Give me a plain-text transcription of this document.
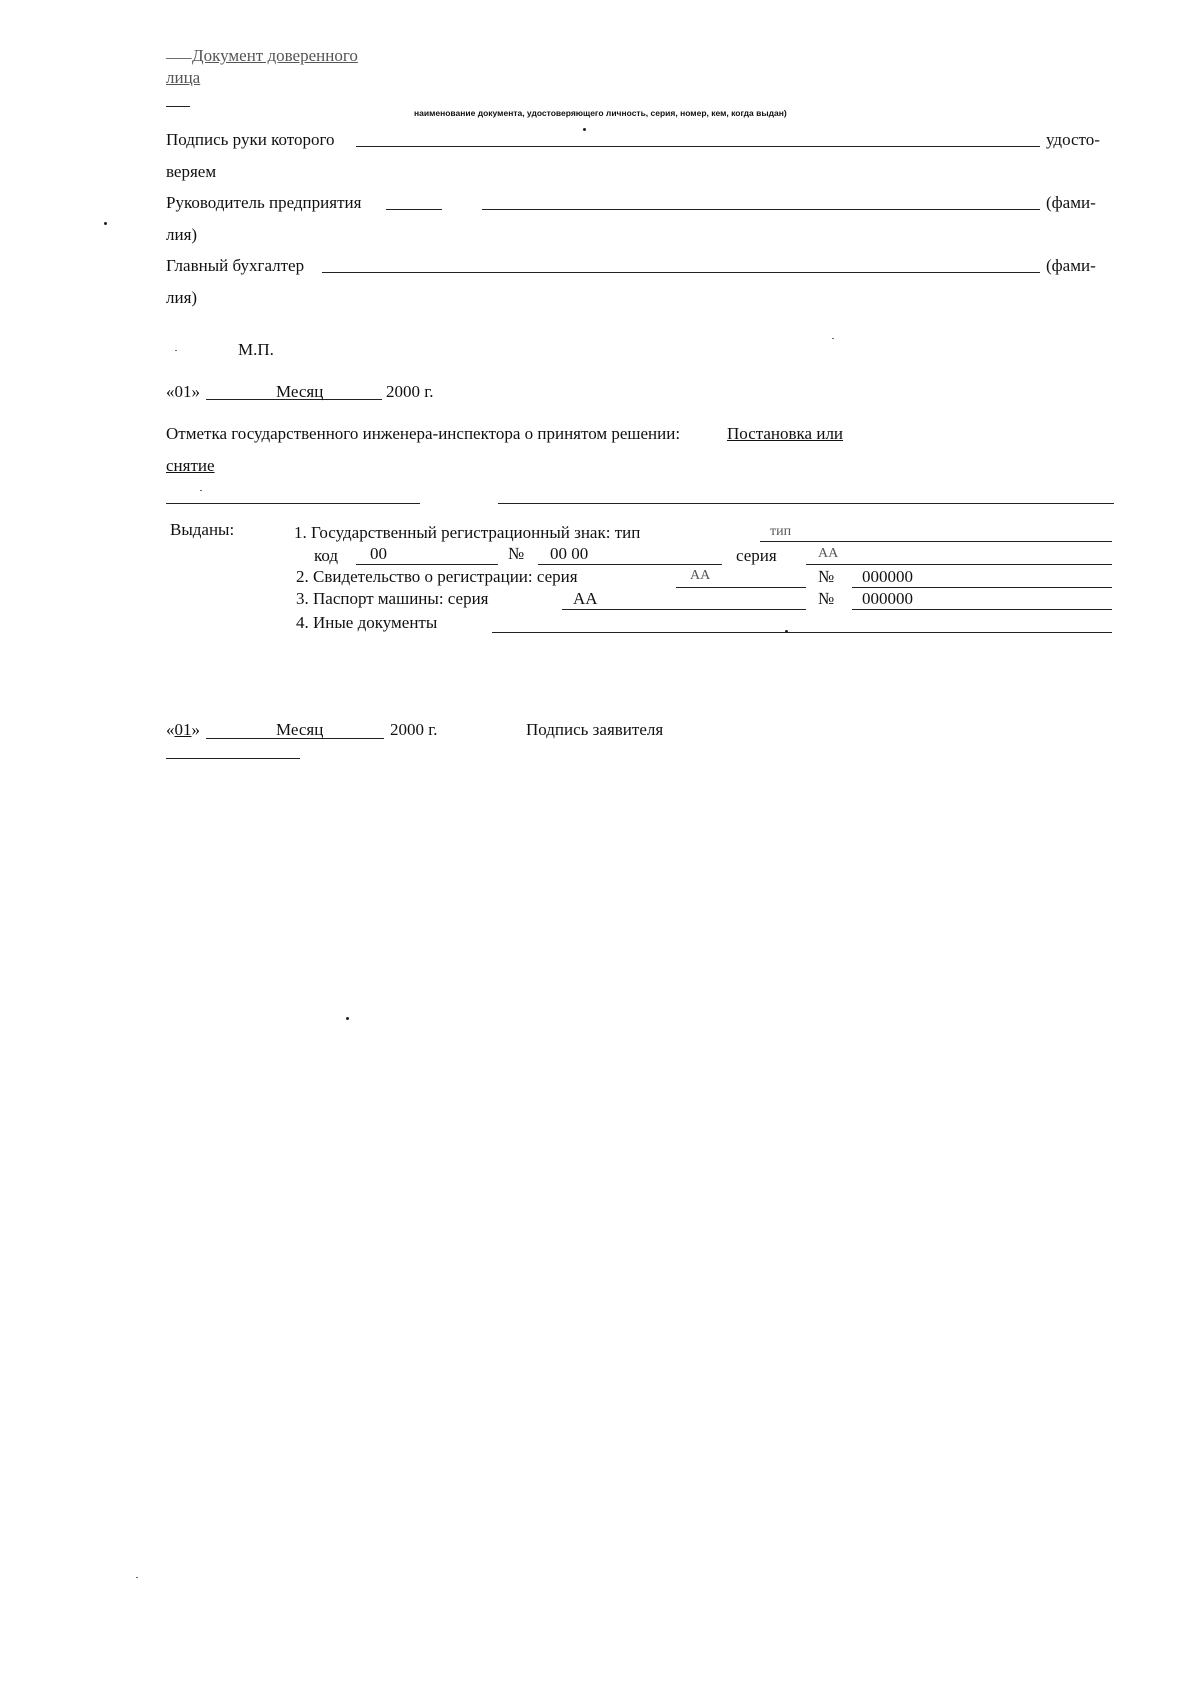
___ Документ доверенного
лица
наименование документа, удостоверяющего личность, серия, номер, кем, когда выдан)
Подпись руки которого	удосто-
веряем
Руководитель предприятия	(фами-
лия)
Главный бухгалтер	(фами-
лия)
М.П.
«01»	Месяц	2000 г.
Отметка государственного инженера-инспектора о принятом решении:	Постановка или
снятие
Выданы:	1. Государственный регистрационный знак: тип	тип
код 00	№ 00 00	серия	АА
2. Свидетельство о регистрации: серия	АА	№ 000000
3. Паспорт машины: серия	АА	№ 000000
4. Иные документы
«01»	Месяц	2000 г.	Подпись заявителя
